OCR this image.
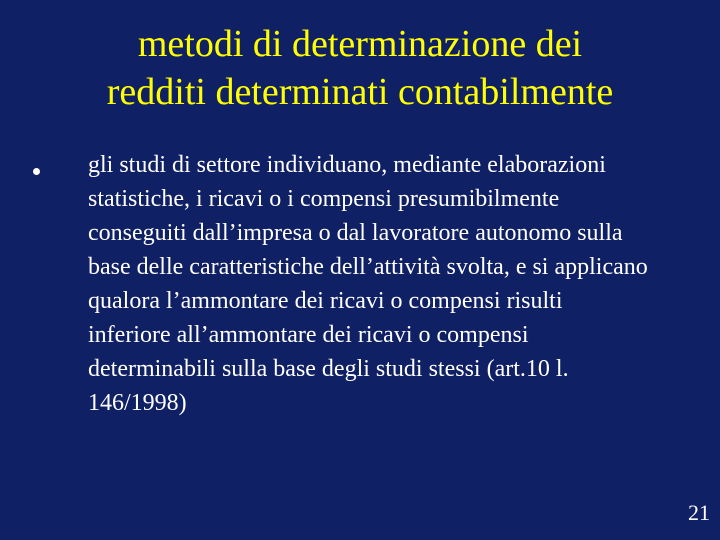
metodi di determinazione dei
redditi determinati contabilmente
gli studi di settore individuano, mediante elaborazioni statistiche, i ricavi o i compensi presumibilmente conseguiti dall’impresa o dal lavoratore autonomo sulla base delle caratteristiche dell’attività svolta, e si applicano qualora l’ammontare dei ricavi o compensi risulti inferiore all’ammontare dei ricavi o compensi determinabili sulla base degli studi stessi (art.10 l. 146/1998)
21
